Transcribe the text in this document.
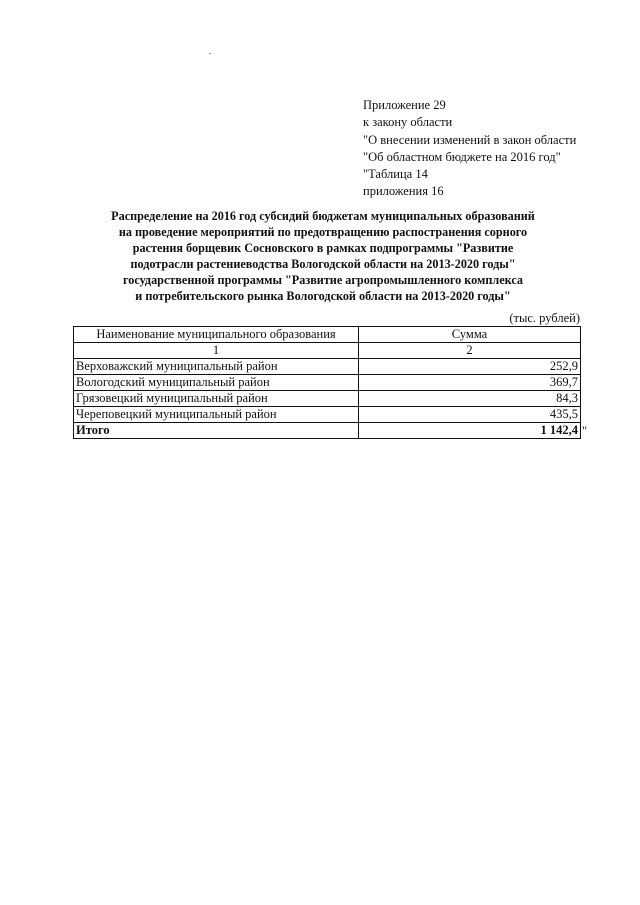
Приложение 29
к закону области
"О внесении изменений в закон области
"Об областном бюджете на 2016 год"
"Таблица 14
приложения 16
Распределение на 2016 год субсидий бюджетам муниципальных образований
на проведение мероприятий по предотвращению распостранения сорного
растения борщевик Сосновского в рамках подпрограммы "Развитие
подотрасли растениеводства Вологодской области на 2013-2020 годы"
государственной программы "Развитие агропромышленного комплекса
и потребительского рынка Вологодской области на 2013-2020 годы"
(тыс. рублей)
Наименование муниципального образования	Сумма
1	2
Верховажский муниципальный район	252,9
Вологодский муниципальный район	369,7
Грязовецкий муниципальный район	84,3
Череповецкий муниципальный район	435,5
Итого	1 142,4 "
